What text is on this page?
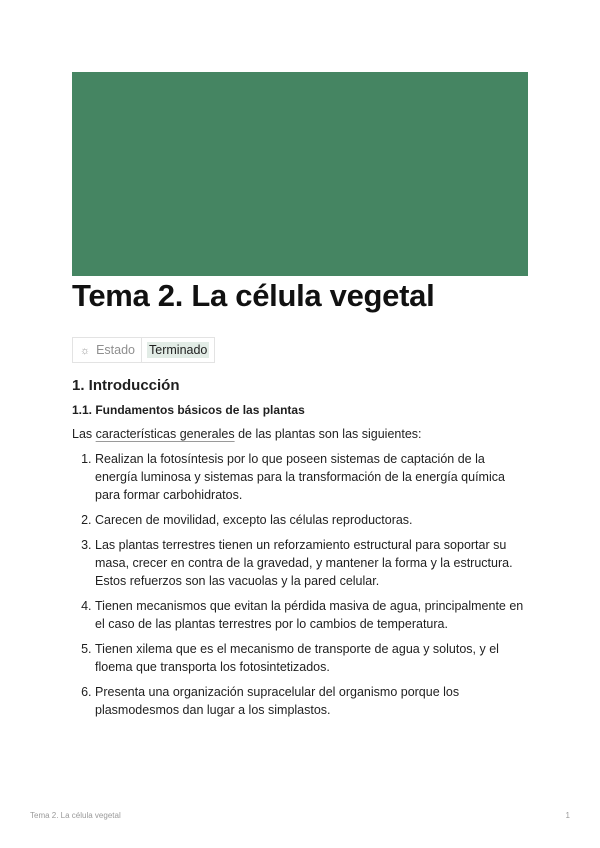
Tema 2. La célula vegetal
☼ Estado Terminado
1. Introducción
1.1. Fundamentos básicos de las plantas

Las características generales de las plantas son las siguientes:

1. Realizan la fotosíntesis por lo que poseen sistemas de captación de la energía luminosa y sistemas para la transformación de la energía química para formar carbohidratos.
2. Carecen de movilidad, excepto las células reproductoras.
3. Las plantas terrestres tienen un reforzamiento estructural para soportar su masa, crecer en contra de la gravedad, y mantener la forma y la estructura. Estos refuerzos son las vacuolas y la pared celular.
4. Tienen mecanismos que evitan la pérdida masiva de agua, principalmente en el caso de las plantas terrestres por lo cambios de temperatura.
5. Tienen xilema que es el mecanismo de transporte de agua y solutos, y el floema que transporta los fotosintetizados.
6. Presenta una organización supracelular del organismo porque los plasmodesmos dan lugar a los simplastos.
Tema 2. La célula vegetal	1
